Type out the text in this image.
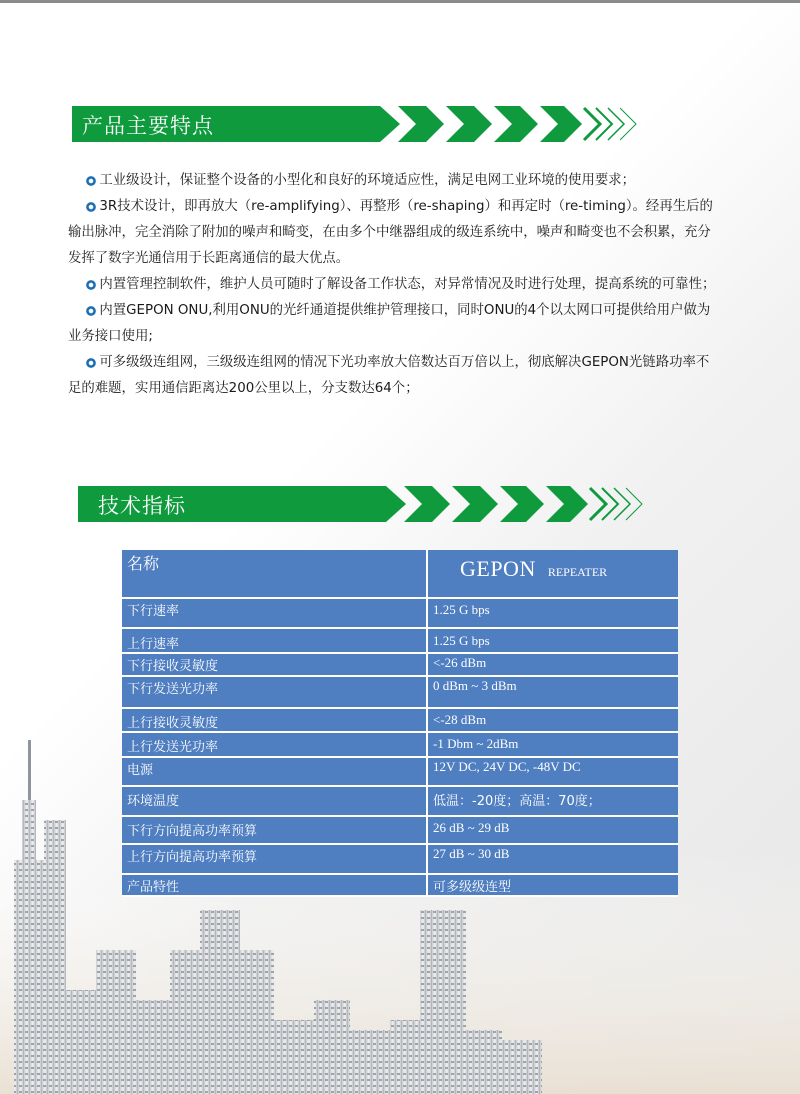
产品主要特点

 工业级设计，保证整个设备的小型化和良好的环境适应性，满足电网工业环境的使用要求；

 3R技术设计，即再放大（re-amplifying）、再整形（re-shaping）和再定时（re-timing）。经再生后的输出脉冲，完全消除了附加的噪声和畸变，在由多个中继器组成的级连系统中，噪声和畸变也不会积累，充分发挥了数字光通信用于长距离通信的最大优点。

 内置管理控制软件，维护人员可随时了解设备工作状态，对异常情况及时进行处理，提高系统的可靠性；

 内置GEPON ONU,利用ONU的光纤通道提供维护管理接口，同时ONU的4个以太网口可提供给用户做为业务接口使用;

 可多级级连组网，三级级连组网的情况下光功率放大倍数达百万倍以上，彻底解决GEPON光链路功率不足的难题，实用通信距离达200公里以上，分支数达64个；

技术指标
名称	GEPON REPEATER
下行速率	1.25 G bps
上行速率	1.25 G bps
下行接收灵敏度	<-26 dBm
下行发送光功率	0 dBm ~ 3 dBm
上行接收灵敏度	<-28 dBm
上行发送光功率	-1 Dbm ~ 2dBm
电源	12V DC, 24V DC, -48V DC
环境温度	低温：-20度；高温：70度；
下行方向提高功率预算	26 dB ~ 29 dB
上行方向提高功率预算	27 dB ~ 30 dB
产品特性	可多级级连型
